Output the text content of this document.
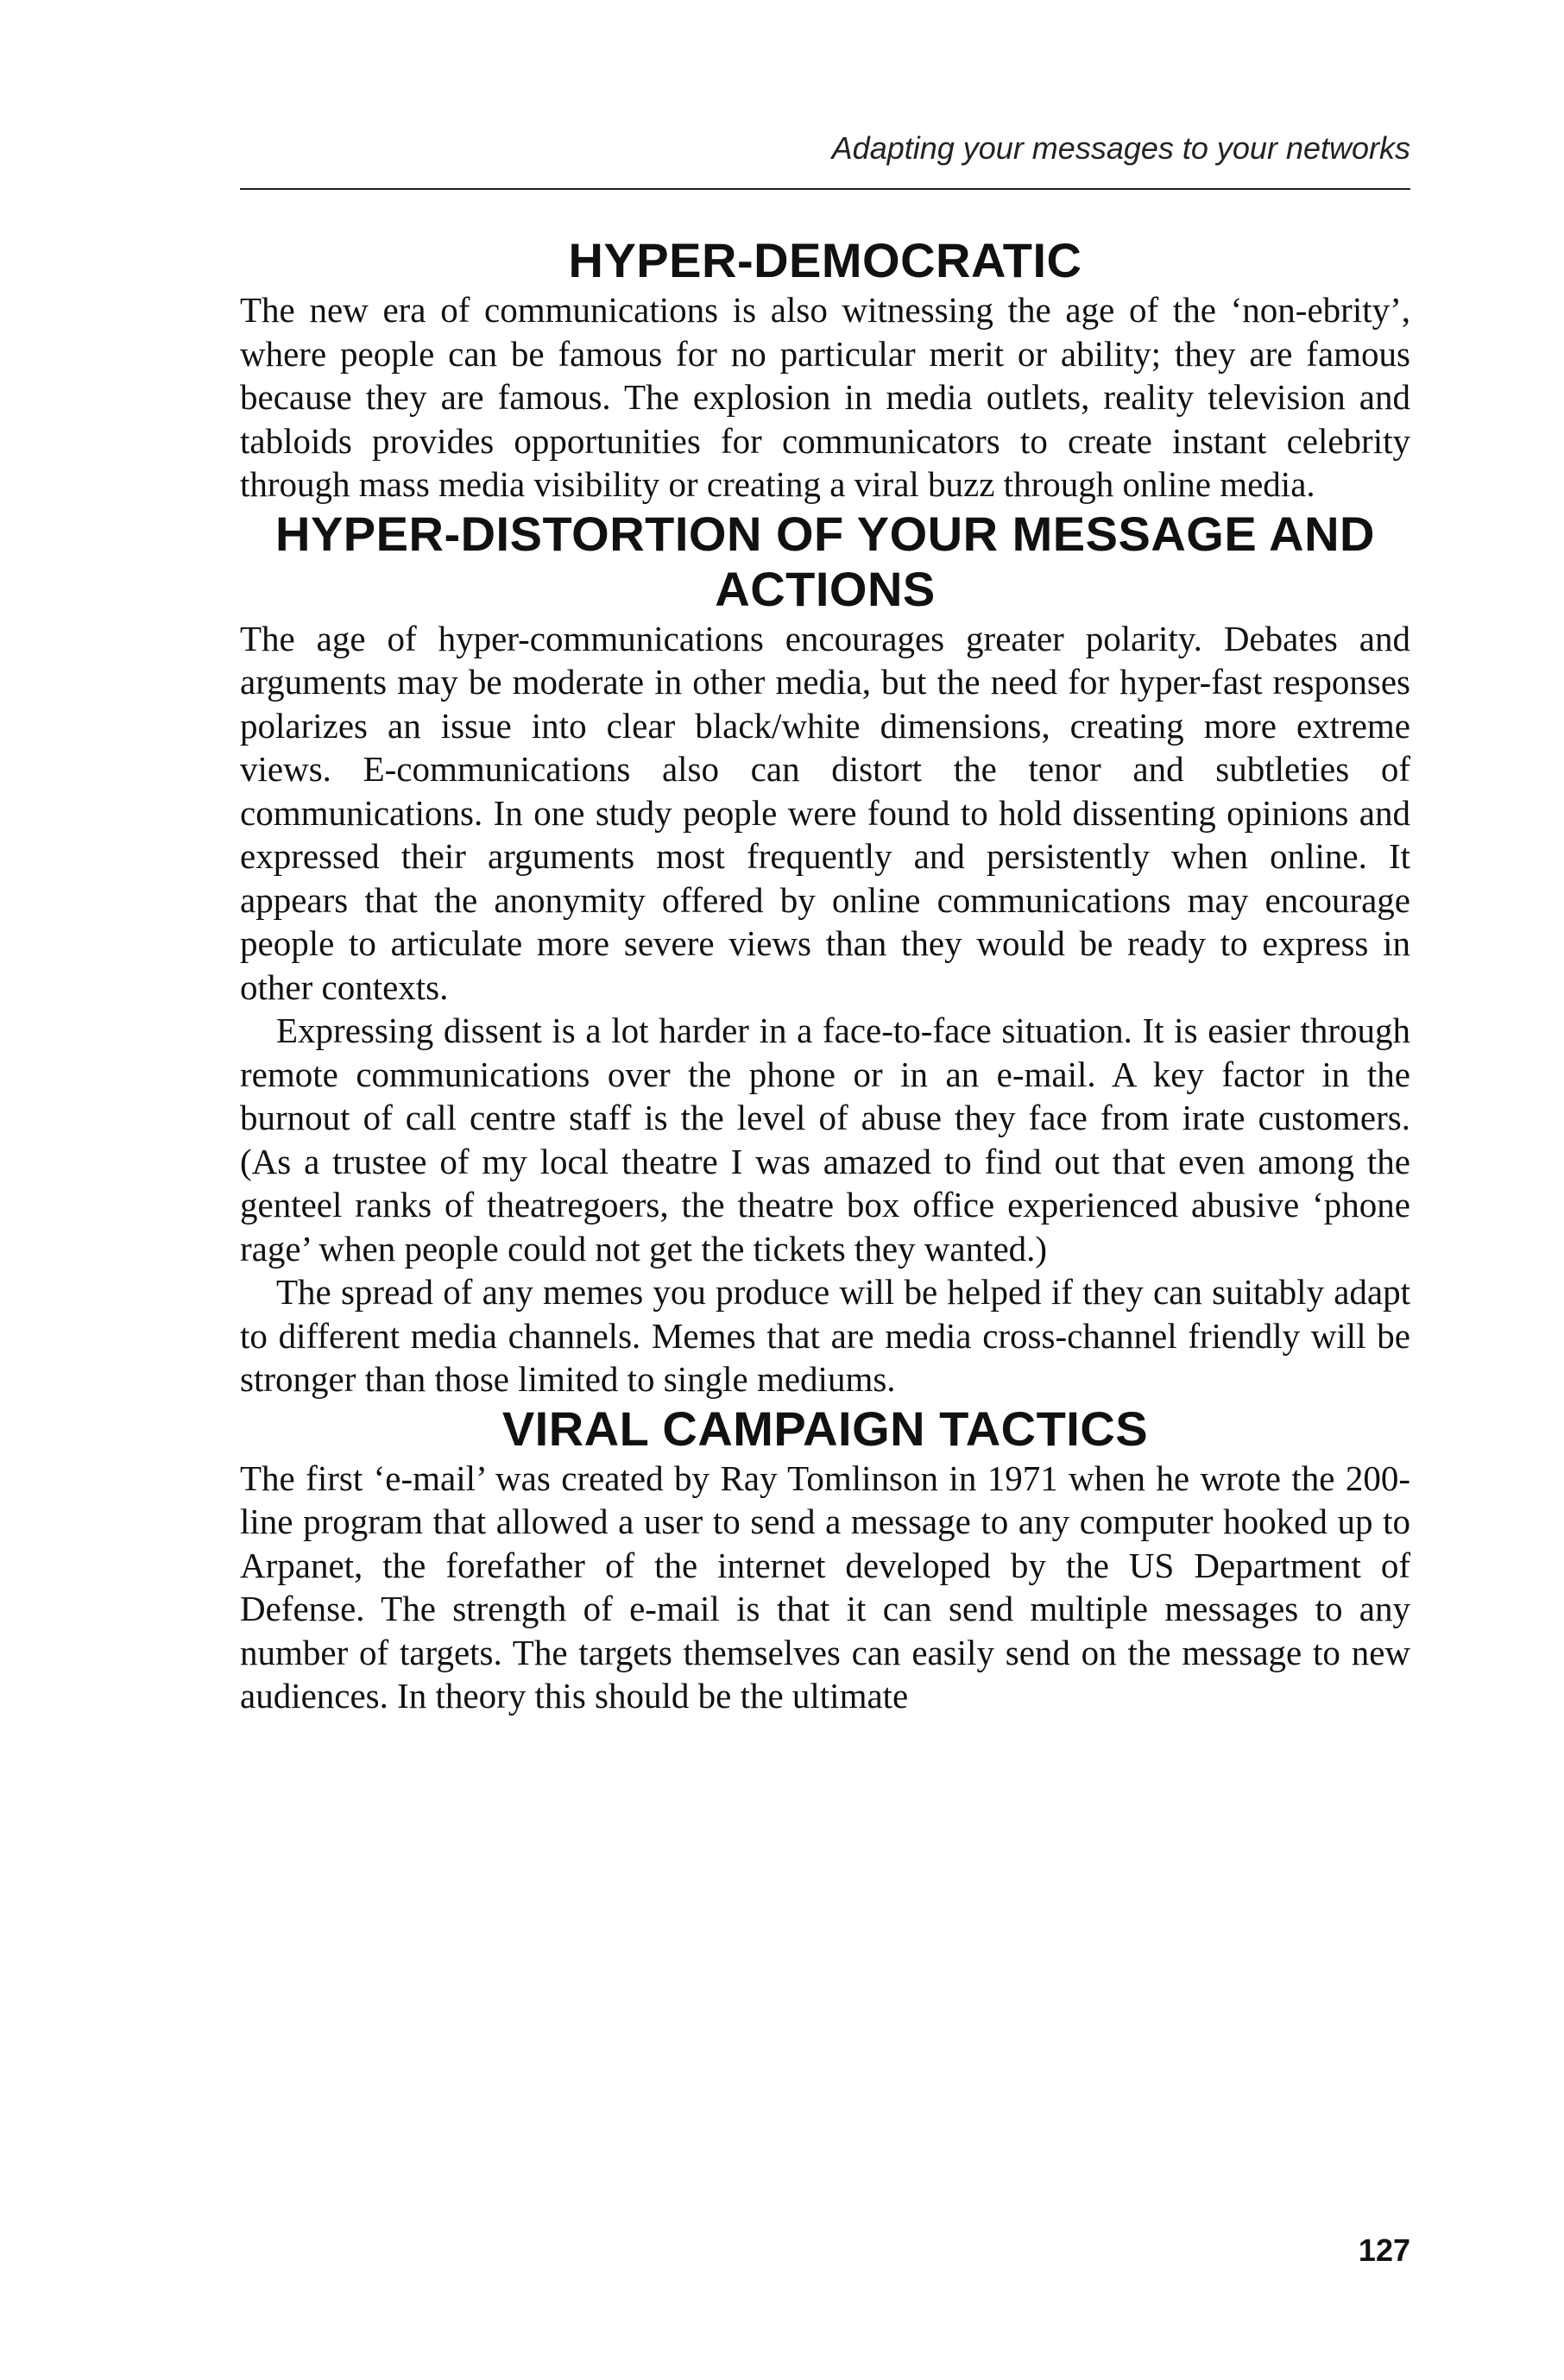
Adapting your messages to your networks
HYPER-DEMOCRATIC

The new era of communications is also witnessing the age of the ‘non-ebrity’, where people can be famous for no particular merit or ability; they are famous because they are famous. The explosion in media outlets, reality television and tabloids provides opportunities for communicators to create instant celebrity through mass media visibility or creating a viral buzz through online media.

HYPER-DISTORTION OF YOUR MESSAGE AND ACTIONS

The age of hyper-communications encourages greater polarity. Debates and arguments may be moderate in other media, but the need for hyper-fast responses polarizes an issue into clear black/white dimensions, creating more extreme views. E-communications also can distort the tenor and subtleties of communications. In one study people were found to hold dissenting opinions and expressed their arguments most frequently and persistently when online. It appears that the anonymity offered by online communications may encourage people to articulate more severe views than they would be ready to express in other contexts.

Expressing dissent is a lot harder in a face-to-face situation. It is easier through remote communications over the phone or in an e-mail. A key factor in the burnout of call centre staff is the level of abuse they face from irate customers. (As a trustee of my local theatre I was amazed to find out that even among the genteel ranks of theatregoers, the theatre box office experienced abusive ‘phone rage’ when people could not get the tickets they wanted.)

The spread of any memes you produce will be helped if they can suitably adapt to different media channels. Memes that are media cross-channel friendly will be stronger than those limited to single mediums.

VIRAL CAMPAIGN TACTICS

The first ‘e-mail’ was created by Ray Tomlinson in 1971 when he wrote the 200-line program that allowed a user to send a message to any computer hooked up to Arpanet, the forefather of the internet developed by the US Department of Defense. The strength of e-mail is that it can send multiple messages to any number of targets. The targets themselves can easily send on the message to new audiences. In theory this should be the ultimate

127
